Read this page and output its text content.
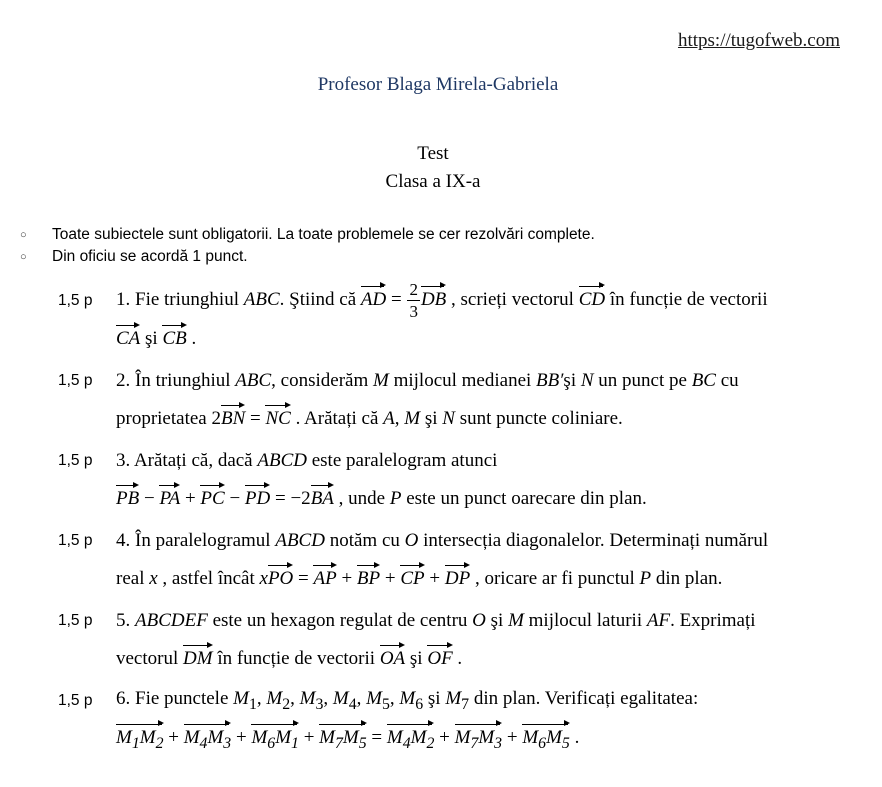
https://tugofweb.com
Profesor Blaga Mirela-Gabriela
Test
Clasa a IX-a
○	Toate subiectele sunt obligatorii. La toate problemele se cer rezolvări complete.
○	Din oficiu se acordă 1 punct.
1,5 p	1. Fie triunghiul ABC. Ştiind că AD = $\frac{2}{3}$ DB , scrieți vectorul CD în funcție de vectorii
CA şi CB .
1,5 p	2. În triunghiul ABC, considerăm M mijlocul medianei BB′şi N un punct pe BC cu
proprietatea 2BN = NC . Arătați că A, M şi N sunt puncte coliniare.
1,5 p	3. Arătați că, dacă ABCD este paralelogram atunci
PB − PA + PC − PD = −2BA , unde P este un punct oarecare din plan.
1,5 p	4. În paralelogramul ABCD notăm cu O intersecția diagonalelor. Determinați numărul
real x , astfel încât xPO = AP + BP + CP + DP , oricare ar fi punctul P din plan.
1,5 p	5. ABCDEF este un hexagon regulat de centru O şi M mijlocul laturii AF. Exprimați
vectorul DM în funcție de vectorii OA şi OF .
1,5 p	6. Fie punctele $M_1$, $M_2$, $M_3$, $M_4$, $M_5$, $M_6$ şi $M_7$ din plan. Verificați egalitatea:
$M_1M_2 + M_4M_3 + M_6M_1 + M_7M_5 = M_4M_2 + M_7M_3 + M_6M_5$ .
